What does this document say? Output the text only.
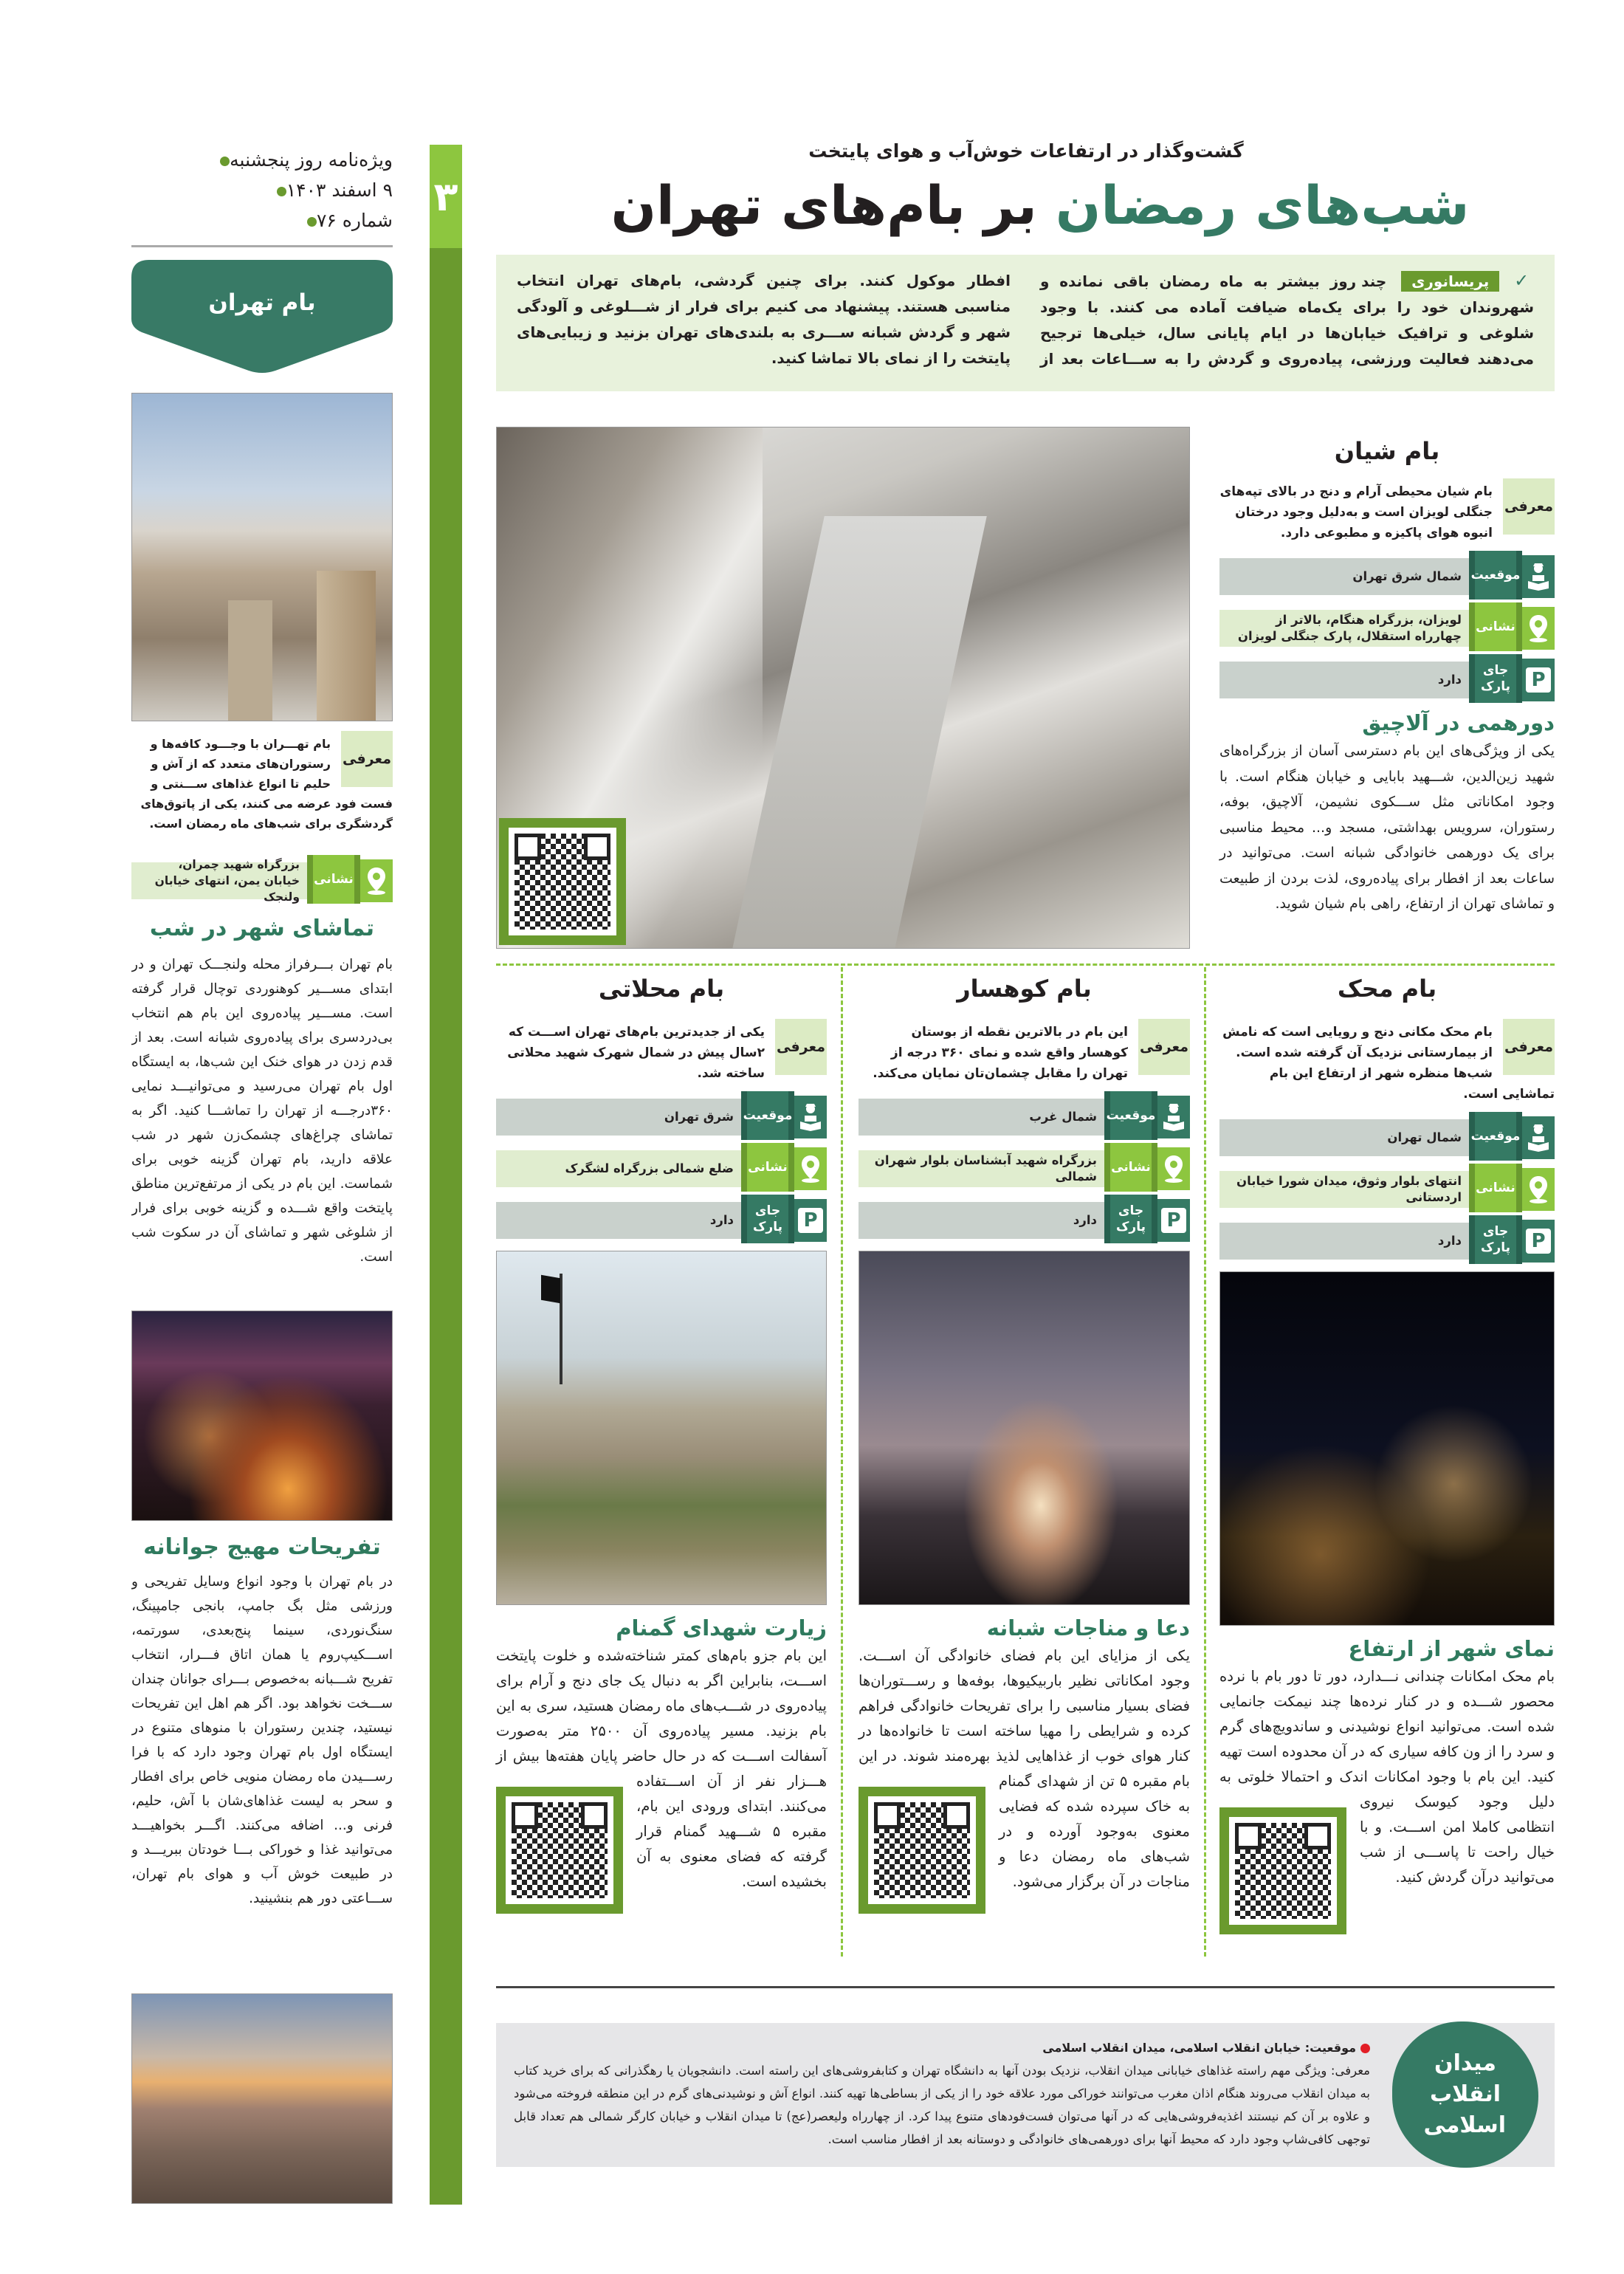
ویژه‌نامه روز پنجشنبه
۹ اسفند ۱۴۰۳
شماره ۷۶
بام تهران
معرفی
بام تهـــران با وجـــود کافه‌ها و رستوران‌های متعدد که از آش و حلیم تا انواع غذاهای ســـنتی و فست فود عرضه می کنند، یکی از پاتوق‌های گردشگری برای شب‌های ماه رمضان است.
نشانی
بزرگراه شهید چمران، خیابان یمن، انتهای خیابان ولنجک
تماشای شهر در شب
بام تهران بـــرفراز محله ولنجـــک تهران و در ابتدای مســـیر کوهنوردی توچال قرار گرفته است. مســـیر پیاده‌روی این بام هم انتخاب بی‌دردسری برای پیاده‌روی شبانه است. بعد از قدم زدن در هوای خنک این شب‌ها، به ایستگاه اول بام تهران می‌رسید و می‌توانیـــد نمایی ۳۶۰درجـــه از تهران را تماشـــا کنید. اگر به تماشای چراغ‌های چشمک‌زن شهر در شب علاقه دارید، بام تهران گزینه خوبی برای شماست. این بام در یکی از مرتفع‌ترین مناطق پایتخت واقع شـــده و گزینه خوبی برای فرار از شلوغی شهر و تماشای آن در سکوت شب است.
تفریحات مهیج جوانانه
در بام تهران با وجود انواع وسایل تفریحی و ورزشی مثل بگ جامپ، بانجی جامپینگ، سنگ‌نوردی، سینما پنج‌بعدی، سورتمه، اســـکیپ‌روم یا همان اتاق فـــرار، انتخاب تفریح شـــبانه به‌خصوص بـــرای جوانان چندان ســـخت نخواهد بود. اگر هم اهل این تفریحات نیستید، چندین رستوران با منوهای متنوع در ایستگاه اول بام تهران وجود دارد که با فرا رســـیدن ماه رمضان منویی خاص برای افطار و سحر به لیست غذاهای‌شان با آش، حلیم، فرنی و... اضافه می‌کنند. اگـــر بخواهیـــد می‌توانید غذا و خوراکی بـــا خودتان ببریـــد و در طبیعت خوش آب و هوای بام تهران، ســـاعتی دور هم بنشینید.
۳
گشت‌وگذار در ارتفاعات خوش‌آب و هوای پایتخت
شب‌های رمضان بر بام‌های تهران
✓ پریسانوری چند روز بیشتر به ماه رمضان باقی نمانده و شهروندان خود را برای یک‌ماه ضیافت آماده می کنند. با وجود شلوغی و ترافیک خیابان‌ها در ایام پایانی سال، خیلی‌ها ترجیح می‌دهند فعالیت ورزشی، پیاده‌روی و گردش را به ســـاعات بعد از افطار موکول کنند. برای چنین گردشی، بام‌های تهران انتخاب مناسبی هستند. پیشنهاد می کنیم برای فرار از شـــلوغی و آلودگی شهر و گردش شبانه ســـری به بلندی‌های تهران بزنید و زیبایی‌های پایتخت را از نمای بالا تماشا کنید.
بام شیان
معرفی
بام شیان محیطی آرام و دنج در بالای تپه‌های جنگلی لویزان است و به‌دلیل وجود درختان انبوه هوای پاکیزه و مطبوعی دارد.
موقعیت
شمال شرق تهران
نشانی
لویزان، بزرگراه هنگام، بالاتر از چهارراه استقلال، پارک جنگلی لویزان
P
جای
پارک
دارد
دورهمی در آلاچیق
یکی از ویژگی‌های این بام دسترسی آسان از بزرگراه‌های شهید زین‌الدین، شـــهید بابایی و خیابان هنگام است. با وجود امکاناتی مثل ســـکوی نشیمن، آلاچیق، بوفه، رستوران، سرویس بهداشتی، مسجد و... محیط مناسبی برای یک دورهمی خانوادگی شبانه است. می‌توانید در ساعات بعد از افطار برای پیاده‌روی، لذت بردن از طبیعت و تماشای تهران از ارتفاع، راهی بام شیان شوید.
بام محک
معرفی
بام محک مکانی دنج و رویایی است که نامش از بیمارستانی نزدیک آن گرفته شده است. شب‌ها منظره شهر از ارتفاع این بام تماشایی است.
موقعیت
شمال تهران
نشانی
انتهای بلوار وثوق، میدان شورا خیابان اردستانی
P
جای
پارک
دارد
نمای شهر از ارتفاع
بام محک امکانات چندانی نـــدارد، دور تا دور بام با نرده محصور شـــده و در کنار نرده‌ها چند نیمکت جانمایی شده است. می‌توانید انواع نوشیدنی و ساندویچ‌های گرم و سرد را از ون کافه سیاری که در آن محدوده است تهیه کنید. این بام با وجود امکانات اندک و احتمالا خلوتی به دلیل وجود کیوسک نیروی انتظامی کاملا امن اســـت. و با خیال راحت تا پاســـی از شب می‌توانید درآن گردش کنید.
بام کوهسار
معرفی
این بام در بالاترین نقطه از بوستان کوهسار واقع شده و نمای ۳۶۰ درجه از تهران را مقابل چشمان‌تان نمایان می‌کند.
موقعیت
شمال غرب
نشانی
بزرگراه شهید آبشناسان بلوار شهران شمالی
P
جای
پارک
دارد
دعا و مناجات شبانه
یکی از مزایای این بام فضای خانوادگی آن اســـت. وجود امکاناتی نظیر باربیکیوها، بوفه‌ها و رســـتوران‌ها فضای بسیار مناسبی را برای تفریحات خانوادگی فراهم کرده و شرایطی را مهیا ساخته است تا خانواده‌ها در کنار هوای خوب از غذاهایی لذیذ بهره‌مند شوند. در این بام مقبره ۵ تن از شهدای گمنام به خاک سپرده شده که فضایی معنوی به‌وجود آورده و در شب‌های ماه رمضان دعا و مناجات در آن برگزار می‌شود.
بام محلاتی
معرفی
یکی از جدیدترین بام‌های تهران اســـت که ۲سال پیش در شمال شهرک شهید محلاتی ساخته شد.
موقعیت
شرق تهران
نشانی
ضلع شمالی بزرگراه لشگرک
P
جای
پارک
دارد
زیارت شهدای گمنام
این بام جزو بام‌های کمتر شناخته‌شده و خلوت پایتخت اســـت، بنابراین اگر به دنبال یک جای دنج و آرام برای پیاده‌روی در شـــب‌های ماه رمضان هستید، سری به این بام بزنید. مسیر پیاده‌روی آن ۲۵۰۰ متر به‌صورت آسفالت اســـت که در حال حاضر پایان هفته‌ها بیش از هـــزار نفر از آن اســـتفاده می‌کنند. ابتدای ورودی این بام، مقبره ۵ شـــهید گمنام قرار گرفته که فضای معنوی به آن بخشیده است.
میدان انقلاب اسلامی
موقعیت: خیابان انقلاب اسلامی، میدان انقلاب اسلامی
معرفی: ویژگی مهم راسته غذاهای خیابانی میدان انقلاب، نزدیک بودن آنها به دانشگاه تهران و کتابفروشی‌های این راسته است. دانشجویان یا رهگذرانی که برای خرید کتاب به میدان انقلاب می‌روند هنگام اذان مغرب می‌توانند خوراکی مورد علاقه خود را از یکی از بساطی‌ها تهیه کنند. انواع آش و نوشیدنی‌های گرم در این منطقه فروخته می‌شود و علاوه بر آن کم نیستند اغذیه‌فروشی‌هایی که در آنها می‌توان فست‌فودهای متنوع پیدا کرد. از چهارراه ولیعصر(عج) تا میدان انقلاب و خیابان کارگر شمالی هم تعداد قابل توجهی کافی‌شاپ وجود دارد که محیط آنها برای دورهمی‌های خانوادگی و دوستانه بعد از افطار مناسب است.
